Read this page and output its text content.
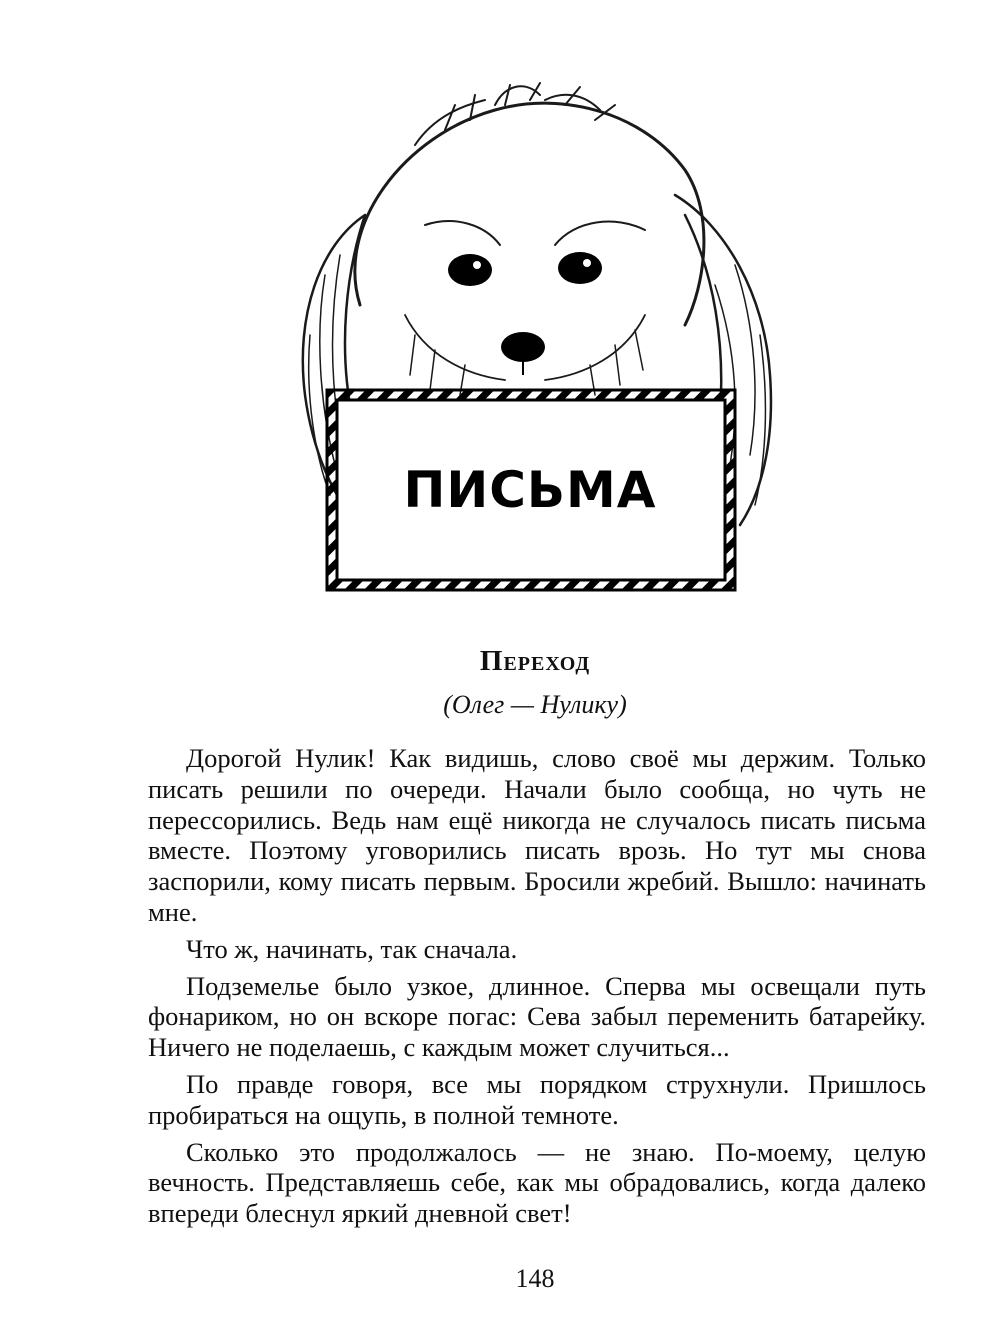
ПИСЬМА
Переход
(Олег — Нулику)

Дорогой Нулик! Как видишь, слово своё мы держим. Только писать решили по очереди. Начали было сообща, но чуть не перессорились. Ведь нам ещё никогда не случалось писать письма вместе. Поэтому уговорились писать врозь. Но тут мы снова заспорили, кому писать первым. Бросили жребий. Вышло: начинать мне.

Что ж, начинать, так сначала.

Подземелье было узкое, длинное. Сперва мы освещали путь фонариком, но он вскоре погас: Сева забыл переменить батарейку. Ничего не поделаешь, с каждым может случиться...

По правде говоря, все мы порядком струхнули. Пришлось пробираться на ощупь, в полной темноте.

Сколько это продолжалось — не знаю. По-моему, целую вечность. Представляешь себе, как мы обрадовались, когда далеко впереди блеснул яркий дневной свет!

148
